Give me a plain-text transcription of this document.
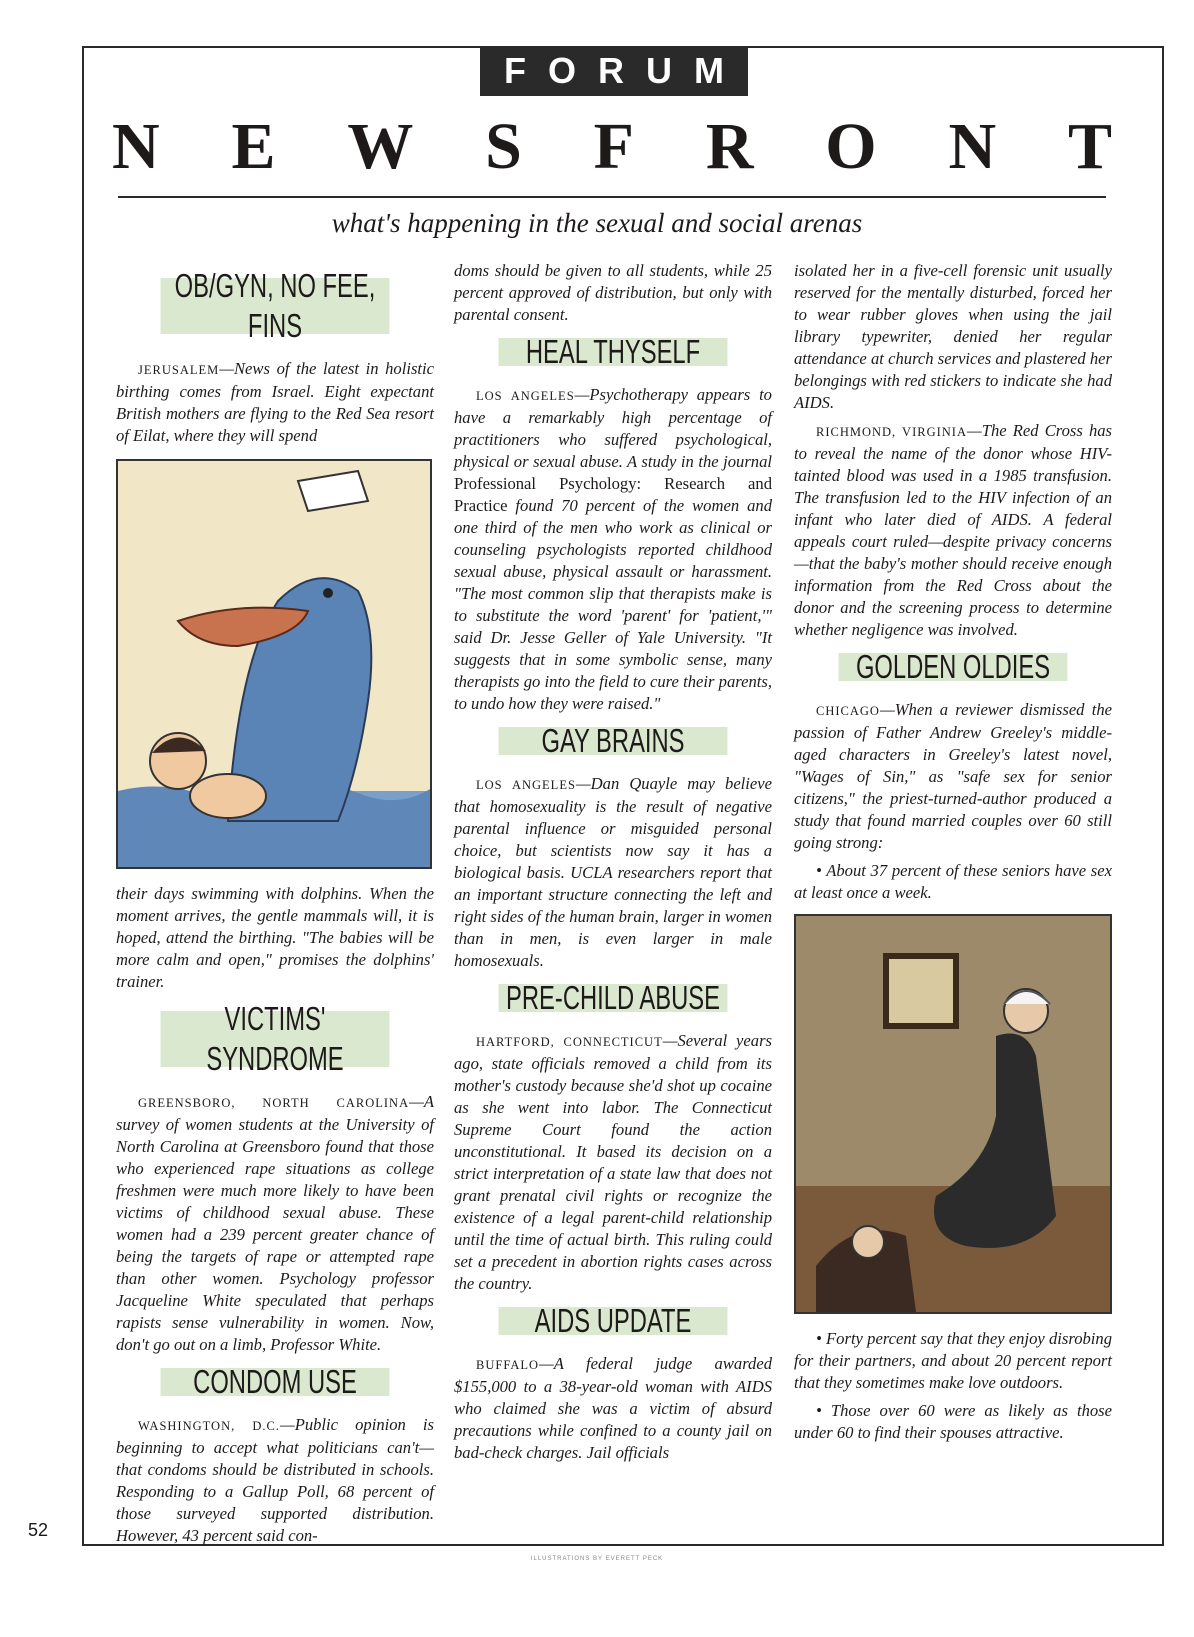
FORUM
N E W S F R O N T
what's happening in the sexual and social arenas
OB/GYN, NO FEE, FINS

JERUSALEM—News of the latest in holistic birthing comes from Israel. Eight expectant British mothers are flying to the Red Sea resort of Eilat, where they will spend

their days swimming with dolphins. When the moment arrives, the gentle mammals will, it is hoped, attend the birthing. "The babies will be more calm and open," promises the dolphins' trainer.

VICTIMS' SYNDROME

GREENSBORO, NORTH CAROLINA—A survey of women students at the University of North Carolina at Greensboro found that those who experienced rape situations as college freshmen were much more likely to have been victims of childhood sexual abuse. These women had a 239 percent greater chance of being the targets of rape or attempted rape than other women. Psychology professor Jacqueline White speculated that perhaps rapists sense vulnerability in women. Now, don't go out on a limb, Professor White.

CONDOM USE

WASHINGTON, D.C.—Public opinion is beginning to accept what politicians can't—that condoms should be distributed in schools. Responding to a Gallup Poll, 68 percent of those surveyed supported distribution. However, 43 percent said con-

doms should be given to all students, while 25 percent approved of distribution, but only with parental consent.

HEAL THYSELF

LOS ANGELES—Psychotherapy appears to have a remarkably high percentage of practitioners who suffered psychological, physical or sexual abuse. A study in the journal Professional Psychology: Research and Practice found 70 percent of the women and one third of the men who work as clinical or counseling psychologists reported childhood sexual abuse, physical assault or harassment. "The most common slip that therapists make is to substitute the word 'parent' for 'patient,'" said Dr. Jesse Geller of Yale University. "It suggests that in some symbolic sense, many therapists go into the field to cure their parents, to undo how they were raised."

GAY BRAINS

LOS ANGELES—Dan Quayle may believe that homosexuality is the result of negative parental influence or misguided personal choice, but scientists now say it has a biological basis. UCLA researchers report that an important structure connecting the left and right sides of the human brain, larger in women than in men, is even larger in male homosexuals.

PRE-CHILD ABUSE

HARTFORD, CONNECTICUT—Several years ago, state officials removed a child from its mother's custody because she'd shot up cocaine as she went into labor. The Connecticut Supreme Court found the action unconstitutional. It based its decision on a strict interpretation of a state law that does not grant prenatal civil rights or recognize the existence of a legal parent-child relationship until the time of actual birth. This ruling could set a precedent in abortion rights cases across the country.

AIDS UPDATE

BUFFALO—A federal judge awarded $155,000 to a 38-year-old woman with AIDS who claimed she was a victim of absurd precautions while confined to a county jail on bad-check charges. Jail officials

isolated her in a five-cell forensic unit usually reserved for the mentally disturbed, forced her to wear rubber gloves when using the jail library typewriter, denied her regular attendance at church services and plastered her belongings with red stickers to indicate she had AIDS.

RICHMOND, VIRGINIA—The Red Cross has to reveal the name of the donor whose HIV-tainted blood was used in a 1985 transfusion. The transfusion led to the HIV infection of an infant who later died of AIDS. A federal appeals court ruled—despite privacy concerns—that the baby's mother should receive enough information from the Red Cross about the donor and the screening process to determine whether negligence was involved.

GOLDEN OLDIES

CHICAGO—When a reviewer dismissed the passion of Father Andrew Greeley's middle-aged characters in Greeley's latest novel, "Wages of Sin," as "safe sex for senior citizens," the priest-turned-author produced a study that found married couples over 60 still going strong:

• About 37 percent of these seniors have sex at least once a week.

• Forty percent say that they enjoy disrobing for their partners, and about 20 percent report that they sometimes make love outdoors.

• Those over 60 were as likely as those under 60 to find their spouses attractive.

52
ILLUSTRATIONS BY EVERETT PECK
